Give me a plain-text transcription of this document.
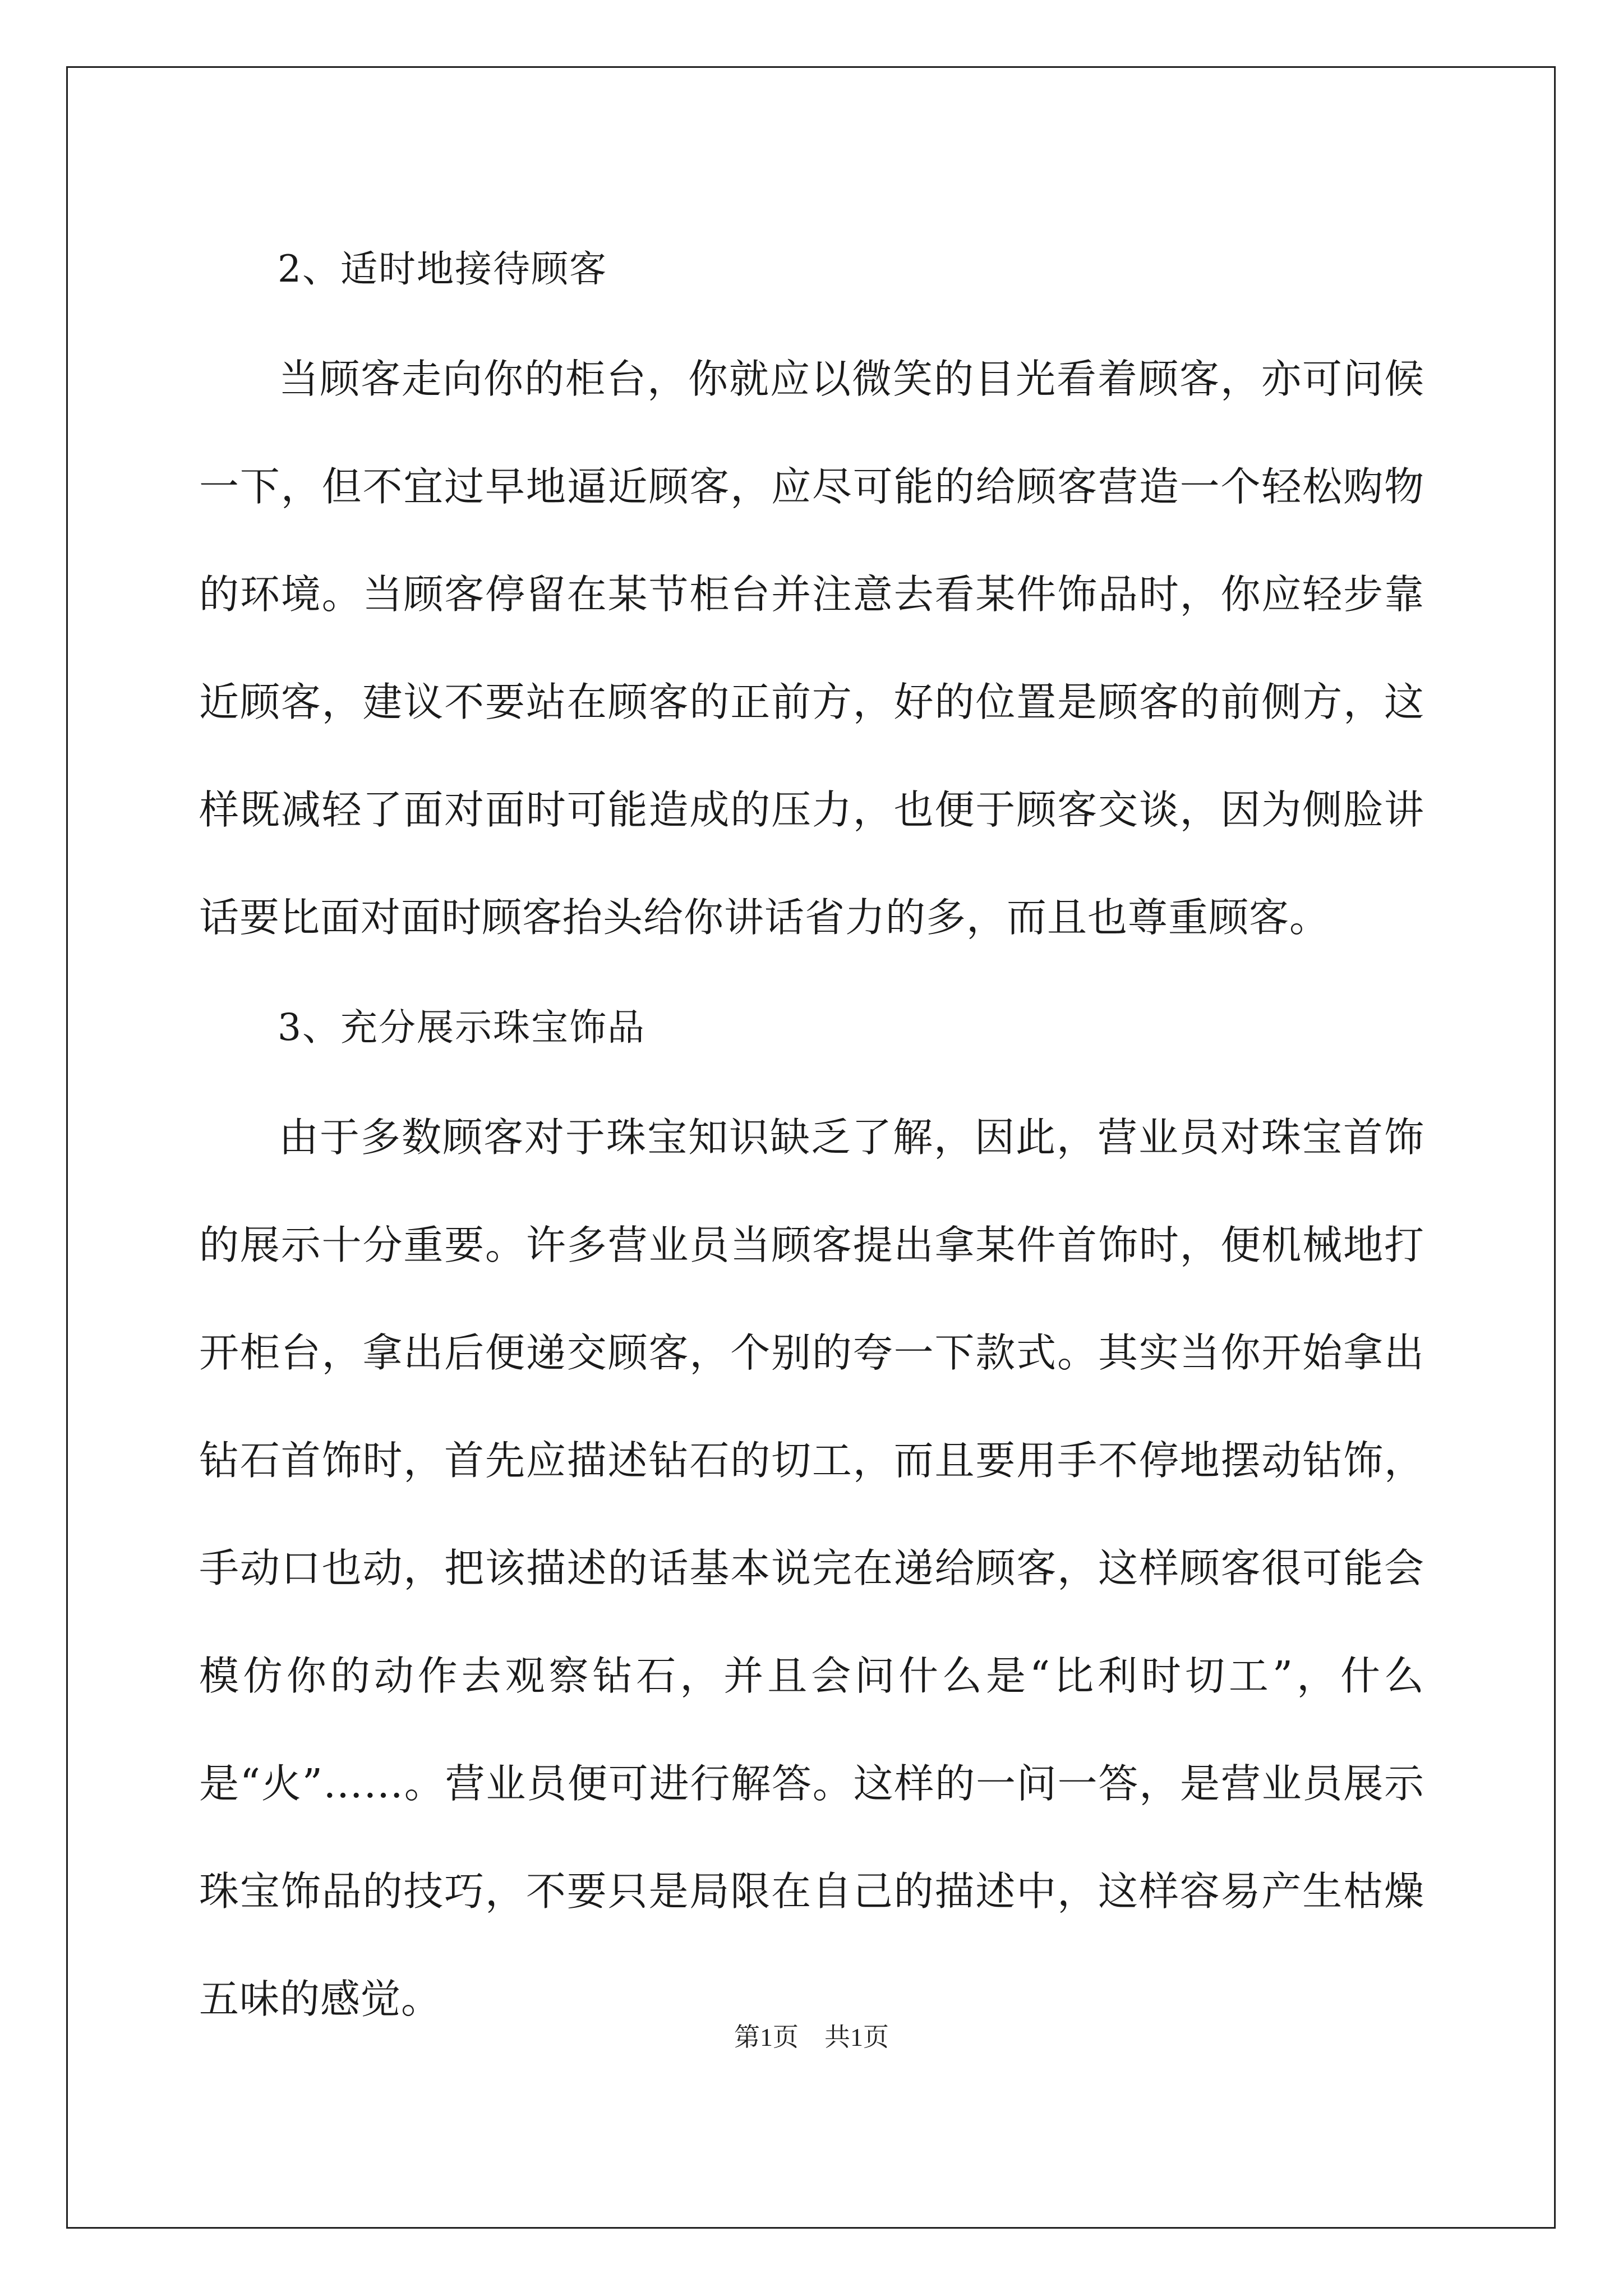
2、适时地接待顾客

当顾客走向你的柜台，你就应以微笑的目光看着顾客，亦可问候一下，但不宜过早地逼近顾客，应尽可能的给顾客营造一个轻松购物的环境。当顾客停留在某节柜台并注意去看某件饰品时，你应轻步靠近顾客，建议不要站在顾客的正前方，好的位置是顾客的前侧方，这样既减轻了面对面时可能造成的压力，也便于顾客交谈，因为侧脸讲话要比面对面时顾客抬头给你讲话省力的多，而且也尊重顾客。

3、充分展示珠宝饰品

由于多数顾客对于珠宝知识缺乏了解，因此，营业员对珠宝首饰的展示十分重要。许多营业员当顾客提出拿某件首饰时，便机械地打开柜台，拿出后便递交顾客，个别的夸一下款式。其实当你开始拿出钻石首饰时，首先应描述钻石的切工，而且要用手不停地摆动钻饰，手动口也动，把该描述的话基本说完在递给顾客，这样顾客很可能会模仿你的动作去观察钻石，并且会问什么是“比利时切工”，什么是“火”……。营业员便可进行解答。这样的一问一答，是营业员展示珠宝饰品的技巧，不要只是局限在自己的描述中，这样容易产生枯燥五味的感觉。

第1页　共1页
